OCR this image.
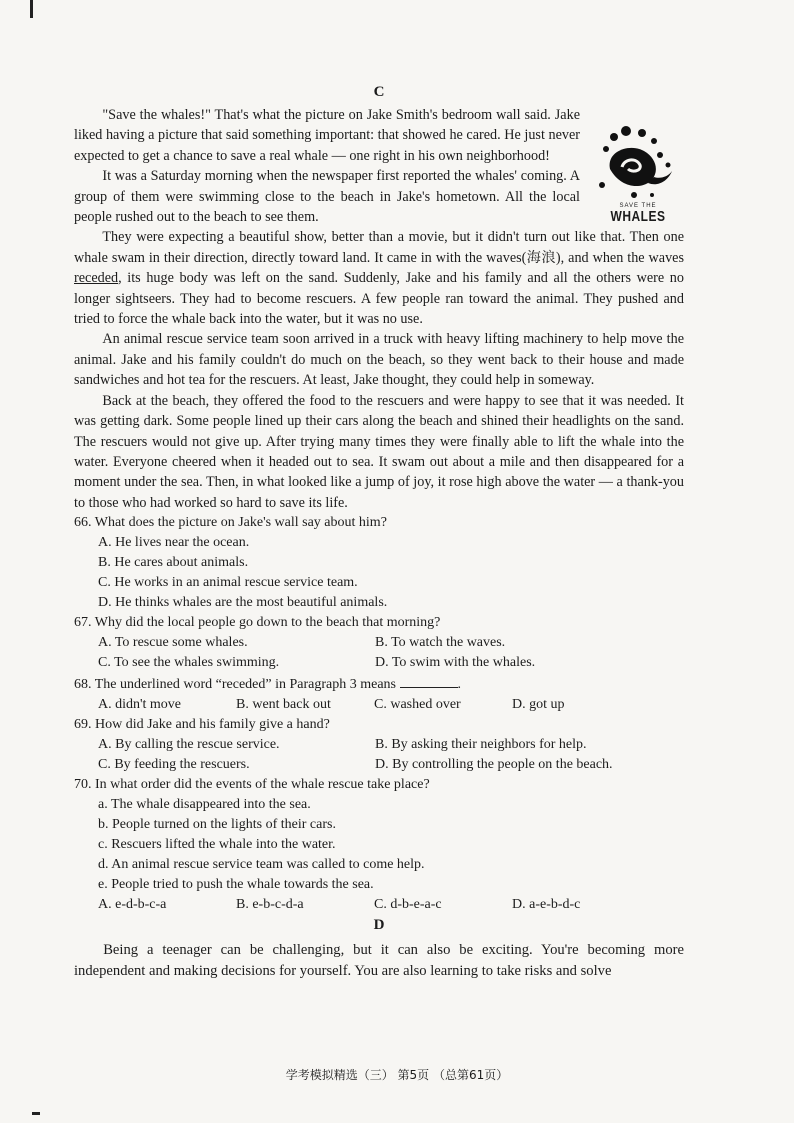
C

"Save the whales!" That's what the picture on Jake Smith's bedroom wall said. Jake liked having a picture that said something important: that showed he cared. He just never expected to get a chance to save a real whale — one right in his own neighborhood!

It was a Saturday morning when the newspaper first reported the whales' coming. A group of them were swimming close to the beach in Jake's hometown. All the local people rushed out to the beach to see them.

SAVE THE
WHALES

They were expecting a beautiful show, better than a movie, but it didn't turn out like that. Then one whale swam in their direction, directly toward land. It came in with the waves(海浪), and when the waves receded, its huge body was left on the sand. Suddenly, Jake and his family and all the others were no longer sightseers. They had to become rescuers. A few people ran toward the animal. They pushed and tried to force the whale back into the water, but it was no use.

An animal rescue service team soon arrived in a truck with heavy lifting machinery to help move the animal. Jake and his family couldn't do much on the beach, so they went back to their house and made sandwiches and hot tea for the rescuers. At least, Jake thought, they could help in someway.

Back at the beach, they offered the food to the rescuers and were happy to see that it was needed. It was getting dark. Some people lined up their cars along the beach and shined their headlights on the sand. The rescuers would not give up. After trying many times they were finally able to lift the whale into the water. Everyone cheered when it headed out to sea. It swam out about a mile and then disappeared for a moment under the sea. Then, in what looked like a jump of joy, it rose high above the water — a thank-you to those who had worked so hard to save its life.

66. What does the picture on Jake's wall say about him?
A. He lives near the ocean.
B. He cares about animals.
C. He works in an animal rescue service team.
D. He thinks whales are the most beautiful animals.
67. Why did the local people go down to the beach that morning?
A. To rescue some whales.	B. To watch the waves.
C. To see the whales swimming.	D. To swim with the whales.
68. The underlined word “receded” in Paragraph 3 means	.
A. didn't move	B. went back out	C. washed over	D. got up
69. How did Jake and his family give a hand?
A. By calling the rescue service.	B. By asking their neighbors for help.
C. By feeding the rescuers.	D. By controlling the people on the beach.
70. In what order did the events of the whale rescue take place?
a. The whale disappeared into the sea.
b. People turned on the lights of their cars.
c. Rescuers lifted the whale into the water.
d. An animal rescue service team was called to come help.
e. People tried to push the whale towards the sea.
A. e-d-b-c-a	B. e-b-c-d-a	C. d-b-e-a-c	D. a-e-b-d-c
D

Being a teenager can be challenging, but it can also be exciting. You're becoming more independent and making decisions for yourself. You are also learning to take risks and solve

学考模拟精选（三） 第5页 （总第61页）
